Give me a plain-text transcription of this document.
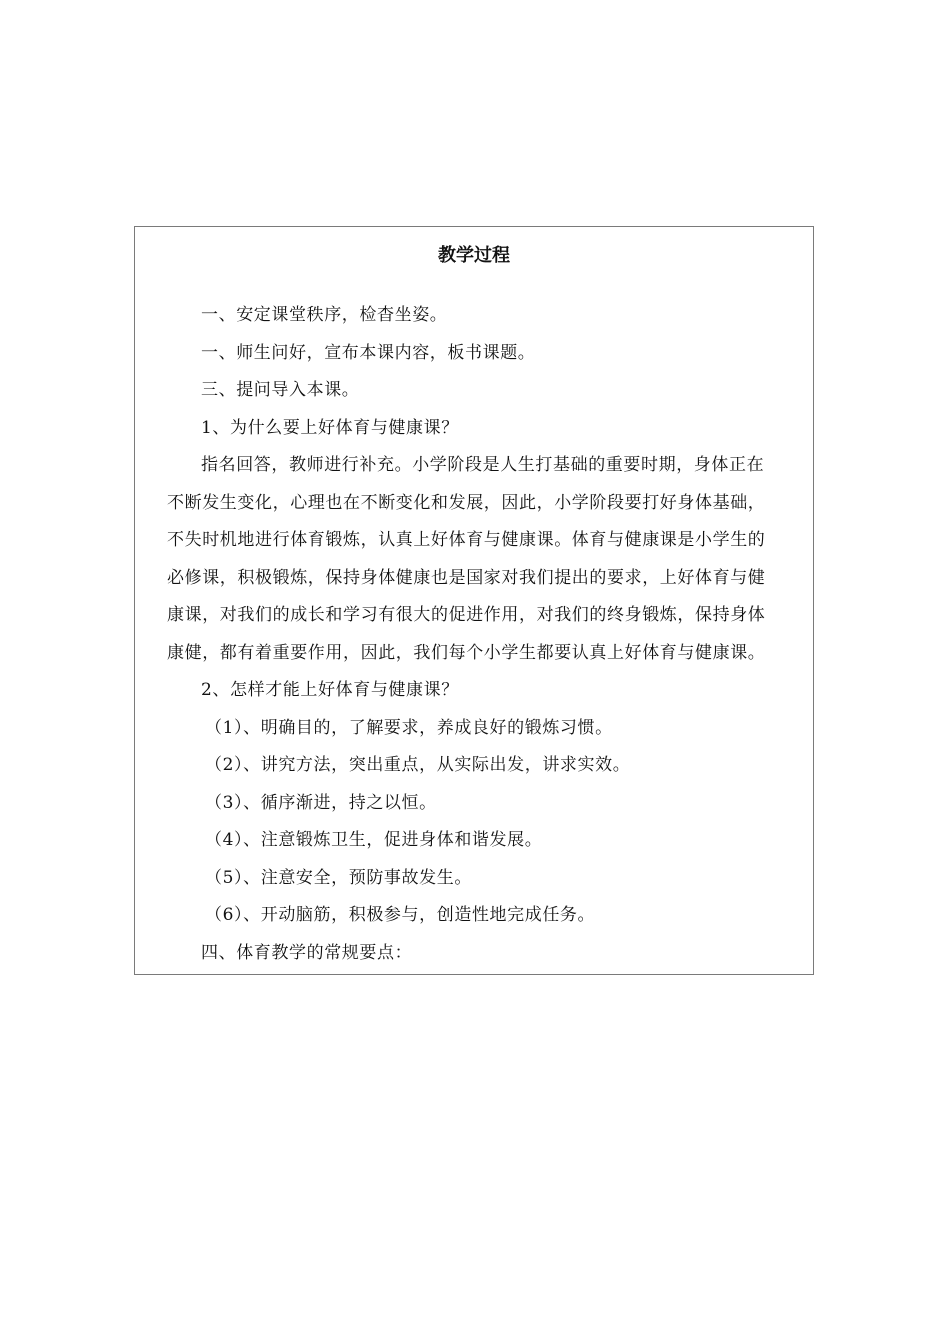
教学过程

一、安定课堂秩序，检杳坐姿。

一、师生问好，宣布本课内容，板书课题。

三、提问导入本课。

1、为什么要上好体育与健康课？

指名回答，教师进行补充。小学阶段是人生打基础的重要时期，身体正在不断发生变化，心理也在不断变化和发展，因此，小学阶段要打好身体基础，不失时机地进行体育锻炼，认真上好体育与健康课。体育与健康课是小学生的必修课，积极锻炼，保持身体健康也是国家对我们提出的要求，上好体育与健康课，对我们的成长和学习有很大的促进作用，对我们的终身锻炼，保持身体康健，都有着重要作用，因此，我们每个小学生都要认真上好体育与健康课。

2、怎样才能上好体育与健康课？

（1）、明确目的，了解要求，养成良好的锻炼习惯。

（2）、讲究方法，突出重点，从实际出发，讲求实效。

（3）、循序渐进，持之以恒。

（4）、注意锻炼卫生，促进身体和谐发展。

（5）、注意安全，预防事故发生。

（6）、开动脑筋，积极参与，创造性地完成任务。

四、体育教学的常规要点：
